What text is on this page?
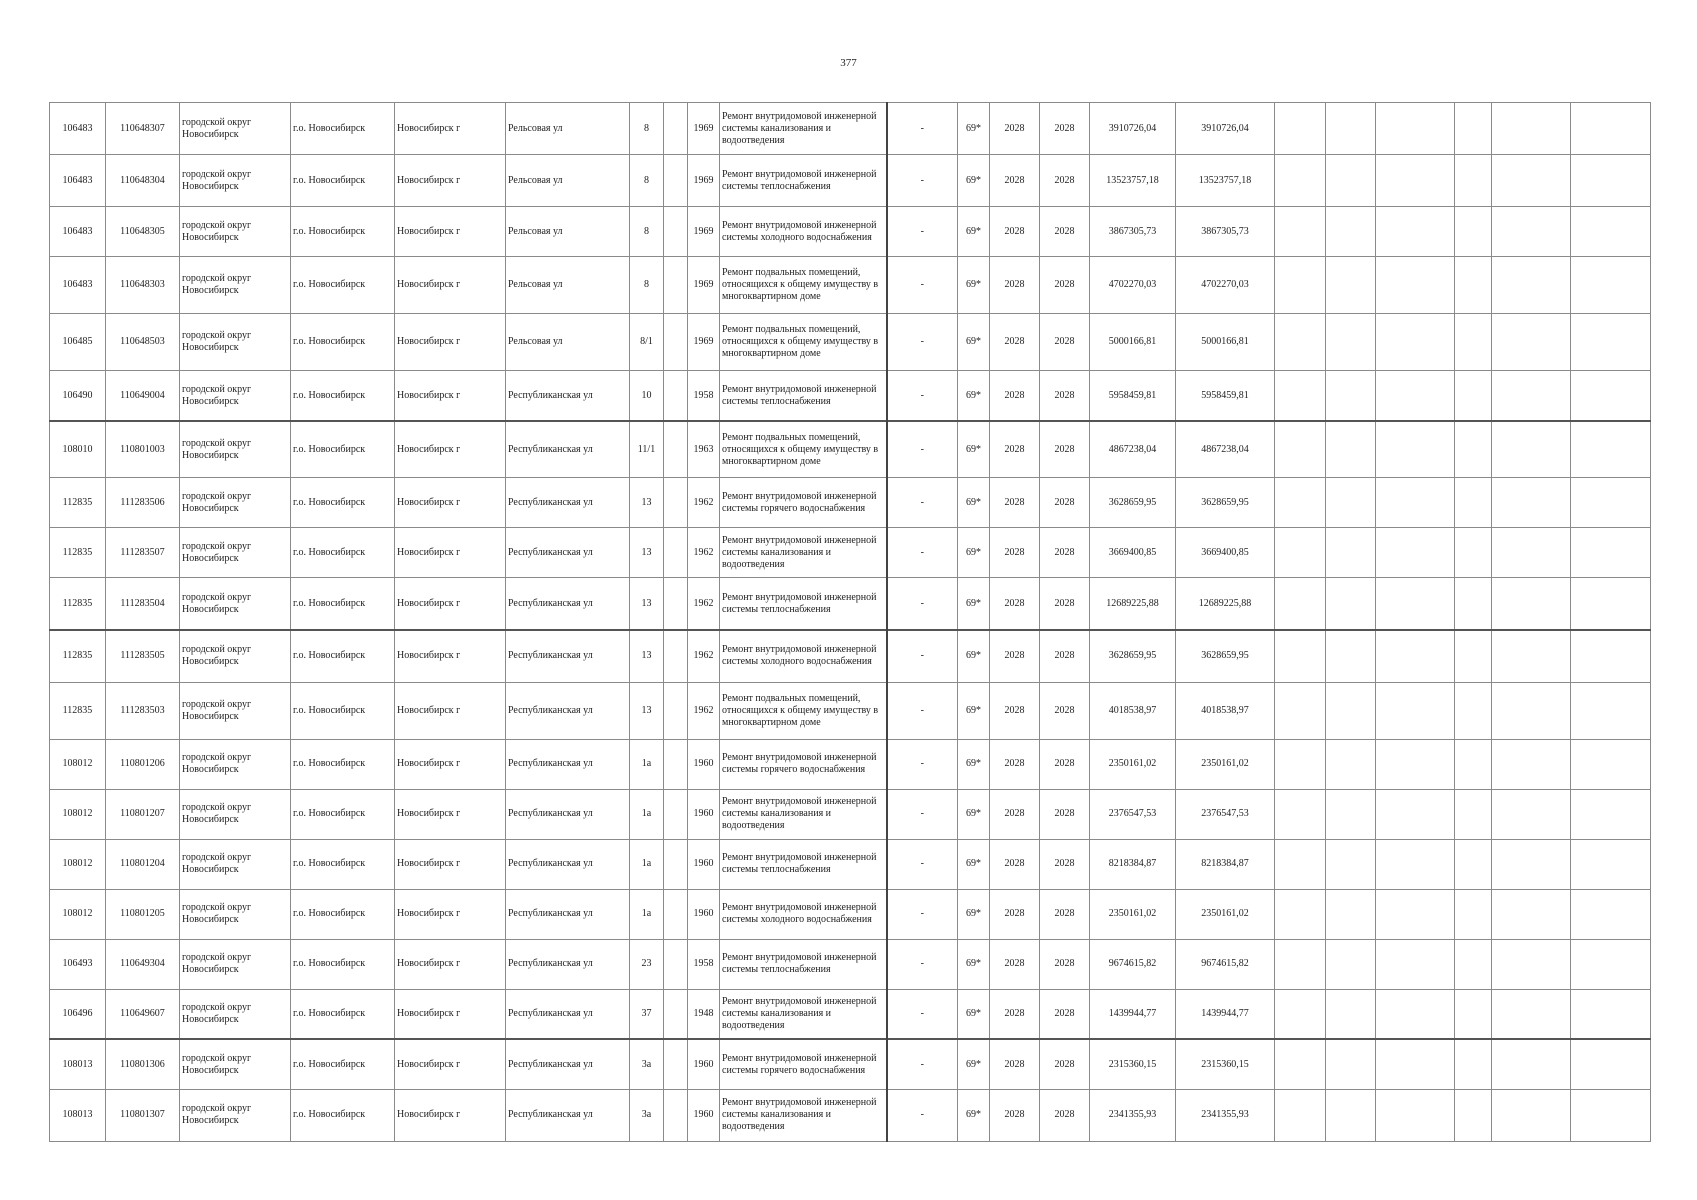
377
106483	110648307	городской округ Новосибирск	г.о. Новосибирск	Новосибирск г	Рельсовая ул	8		1969	Ремонт внутридомовой инженерной системы канализования и водоотведения	-	69*	2028	2028	3910726,04	3910726,04						
106483	110648304	городской округ Новосибирск	г.о. Новосибирск	Новосибирск г	Рельсовая ул	8		1969	Ремонт внутридомовой инженерной системы теплоснабжения	-	69*	2028	2028	13523757,18	13523757,18						
106483	110648305	городской округ Новосибирск	г.о. Новосибирск	Новосибирск г	Рельсовая ул	8		1969	Ремонт внутридомовой инженерной системы холодного водоснабжения	-	69*	2028	2028	3867305,73	3867305,73						
106483	110648303	городской округ Новосибирск	г.о. Новосибирск	Новосибирск г	Рельсовая ул	8		1969	Ремонт подвальных помещений, относящихся к общему имуществу в многоквартирном доме	-	69*	2028	2028	4702270,03	4702270,03						
106485	110648503	городской округ Новосибирск	г.о. Новосибирск	Новосибирск г	Рельсовая ул	8/1		1969	Ремонт подвальных помещений, относящихся к общему имуществу в многоквартирном доме	-	69*	2028	2028	5000166,81	5000166,81						
106490	110649004	городской округ Новосибирск	г.о. Новосибирск	Новосибирск г	Республиканская ул	10		1958	Ремонт внутридомовой инженерной системы теплоснабжения	-	69*	2028	2028	5958459,81	5958459,81						
108010	110801003	городской округ Новосибирск	г.о. Новосибирск	Новосибирск г	Республиканская ул	11/1		1963	Ремонт подвальных помещений, относящихся к общему имуществу в многоквартирном доме	-	69*	2028	2028	4867238,04	4867238,04						
112835	111283506	городской округ Новосибирск	г.о. Новосибирск	Новосибирск г	Республиканская ул	13		1962	Ремонт внутридомовой инженерной системы горячего водоснабжения	-	69*	2028	2028	3628659,95	3628659,95						
112835	111283507	городской округ Новосибирск	г.о. Новосибирск	Новосибирск г	Республиканская ул	13		1962	Ремонт внутридомовой инженерной системы канализования и водоотведения	-	69*	2028	2028	3669400,85	3669400,85						
112835	111283504	городской округ Новосибирск	г.о. Новосибирск	Новосибирск г	Республиканская ул	13		1962	Ремонт внутридомовой инженерной системы теплоснабжения	-	69*	2028	2028	12689225,88	12689225,88						
112835	111283505	городской округ Новосибирск	г.о. Новосибирск	Новосибирск г	Республиканская ул	13		1962	Ремонт внутридомовой инженерной системы холодного водоснабжения	-	69*	2028	2028	3628659,95	3628659,95						
112835	111283503	городской округ Новосибирск	г.о. Новосибирск	Новосибирск г	Республиканская ул	13		1962	Ремонт подвальных помещений, относящихся к общему имуществу в многоквартирном доме	-	69*	2028	2028	4018538,97	4018538,97						
108012	110801206	городской округ Новосибирск	г.о. Новосибирск	Новосибирск г	Республиканская ул	1а		1960	Ремонт внутридомовой инженерной системы горячего водоснабжения	-	69*	2028	2028	2350161,02	2350161,02						
108012	110801207	городской округ Новосибирск	г.о. Новосибирск	Новосибирск г	Республиканская ул	1а		1960	Ремонт внутридомовой инженерной системы канализования и водоотведения	-	69*	2028	2028	2376547,53	2376547,53						
108012	110801204	городской округ Новосибирск	г.о. Новосибирск	Новосибирск г	Республиканская ул	1а		1960	Ремонт внутридомовой инженерной системы теплоснабжения	-	69*	2028	2028	8218384,87	8218384,87						
108012	110801205	городской округ Новосибирск	г.о. Новосибирск	Новосибирск г	Республиканская ул	1а		1960	Ремонт внутридомовой инженерной системы холодного водоснабжения	-	69*	2028	2028	2350161,02	2350161,02						
106493	110649304	городской округ Новосибирск	г.о. Новосибирск	Новосибирск г	Республиканская ул	23		1958	Ремонт внутридомовой инженерной системы теплоснабжения	-	69*	2028	2028	9674615,82	9674615,82						
106496	110649607	городской округ Новосибирск	г.о. Новосибирск	Новосибирск г	Республиканская ул	37		1948	Ремонт внутридомовой инженерной системы канализования и водоотведения	-	69*	2028	2028	1439944,77	1439944,77						
108013	110801306	городской округ Новосибирск	г.о. Новосибирск	Новосибирск г	Республиканская ул	3а		1960	Ремонт внутридомовой инженерной системы горячего водоснабжения	-	69*	2028	2028	2315360,15	2315360,15						
108013	110801307	городской округ Новосибирск	г.о. Новосибирск	Новосибирск г	Республиканская ул	3а		1960	Ремонт внутридомовой инженерной системы канализования и водоотведения	-	69*	2028	2028	2341355,93	2341355,93						
